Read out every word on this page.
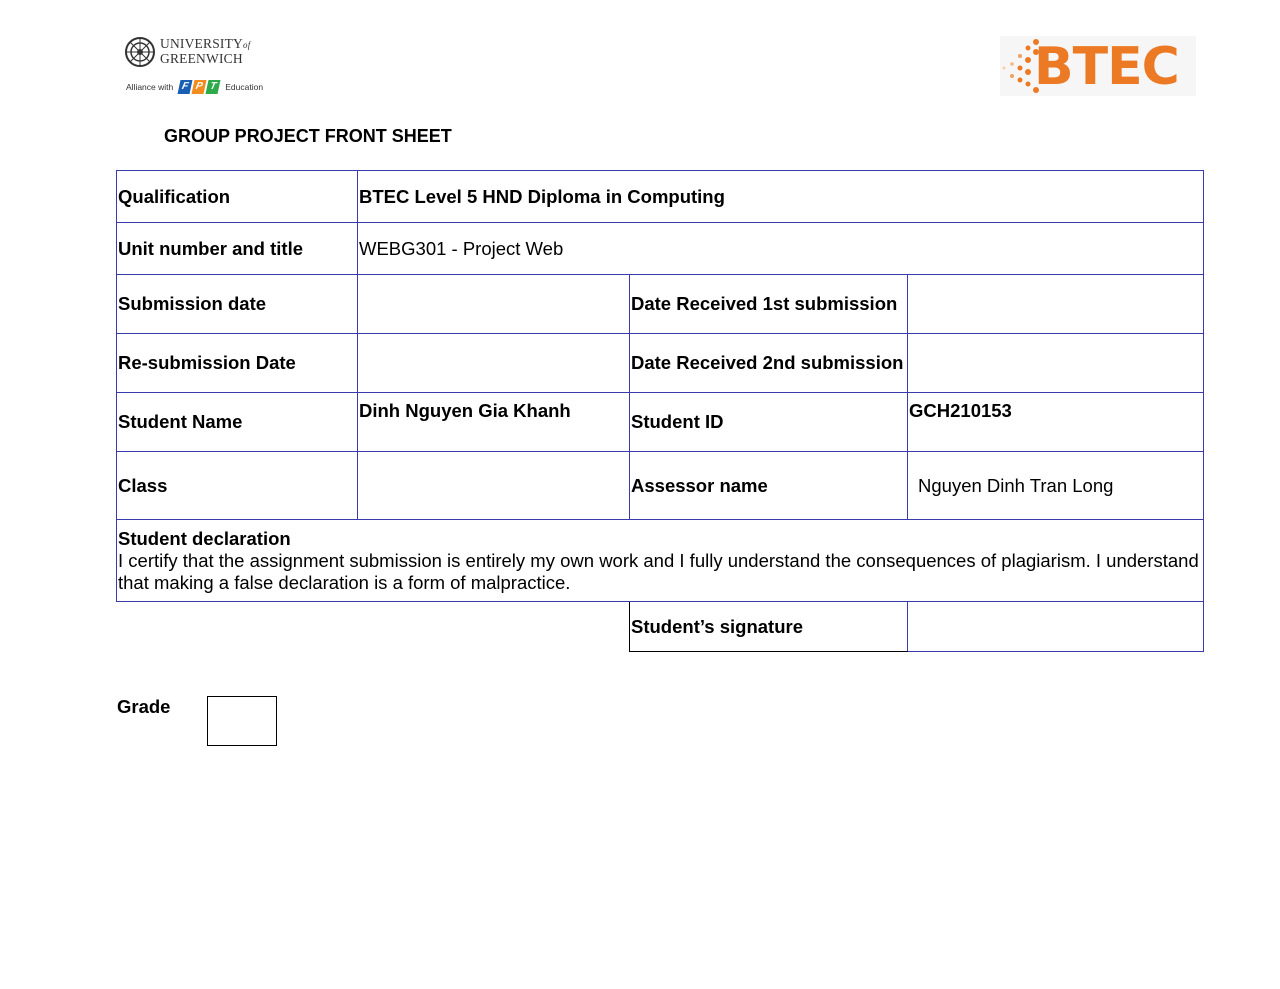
UNIVERSITYof
GREENWICH
Alliance with F P T Education	BTEC
GROUP PROJECT FRONT SHEET
Qualification	BTEC Level 5 HND Diploma in Computing		
Unit number and title	WEBG301 - Project Web		
Submission date		Date Received 1st submission	
Re-submission Date		Date Received 2nd submission	
Student Name	Dinh Nguyen Gia Khanh	Student ID	GCH210153
Class		Assessor name	Nguyen Dinh Tran Long

Student declaration
I certify that the assignment submission is entirely my own work and I fully understand the consequences of plagiarism. I understand that making a false declaration is a form of malpractice.			

		Student’s signature	
Grade
